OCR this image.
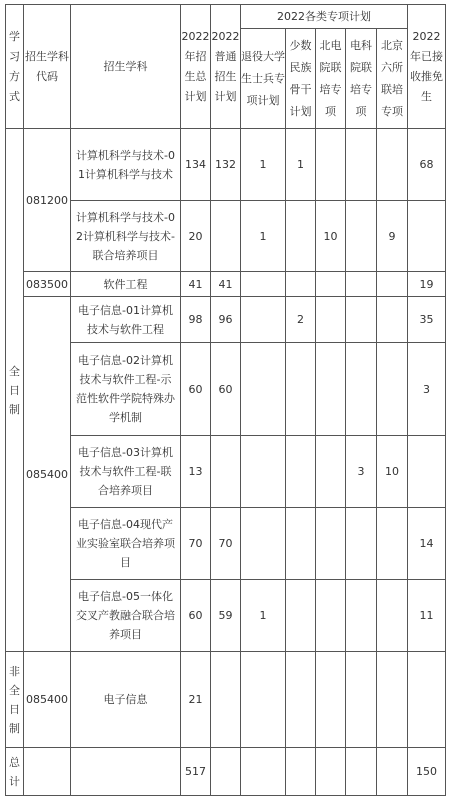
学习方式	招生学科代码	招生学科	2022年招生总计划	2022普通招生计划	2022各类专项计划					2022年已接收推免生
					退役大学生士兵专项计划	少数民族骨干计划	北电院联培专项	电科院联培专项	北京六所联培专项	
全日制	081200	计算机科学与技术-01计算机科学与技术	134	132	1	1				68
		计算机科学与技术-02计算机科学与技术-联合培养项目	20		1		10		9	
	083500	软件工程	41	41						19
	085400	电子信息-01计算机技术与软件工程	98	96		2				35
		电子信息-02计算机技术与软件工程-示范性软件学院特殊办学机制	60	60						3
		电子信息-03计算机技术与软件工程-联合培养项目	13					3	10	
		电子信息-04现代产业实验室联合培养项目	70	70						14
		电子信息-05一体化交叉产教融合联合培养项目	60	59	1					11
非全日制	085400	电子信息	21							
总计			517							150
